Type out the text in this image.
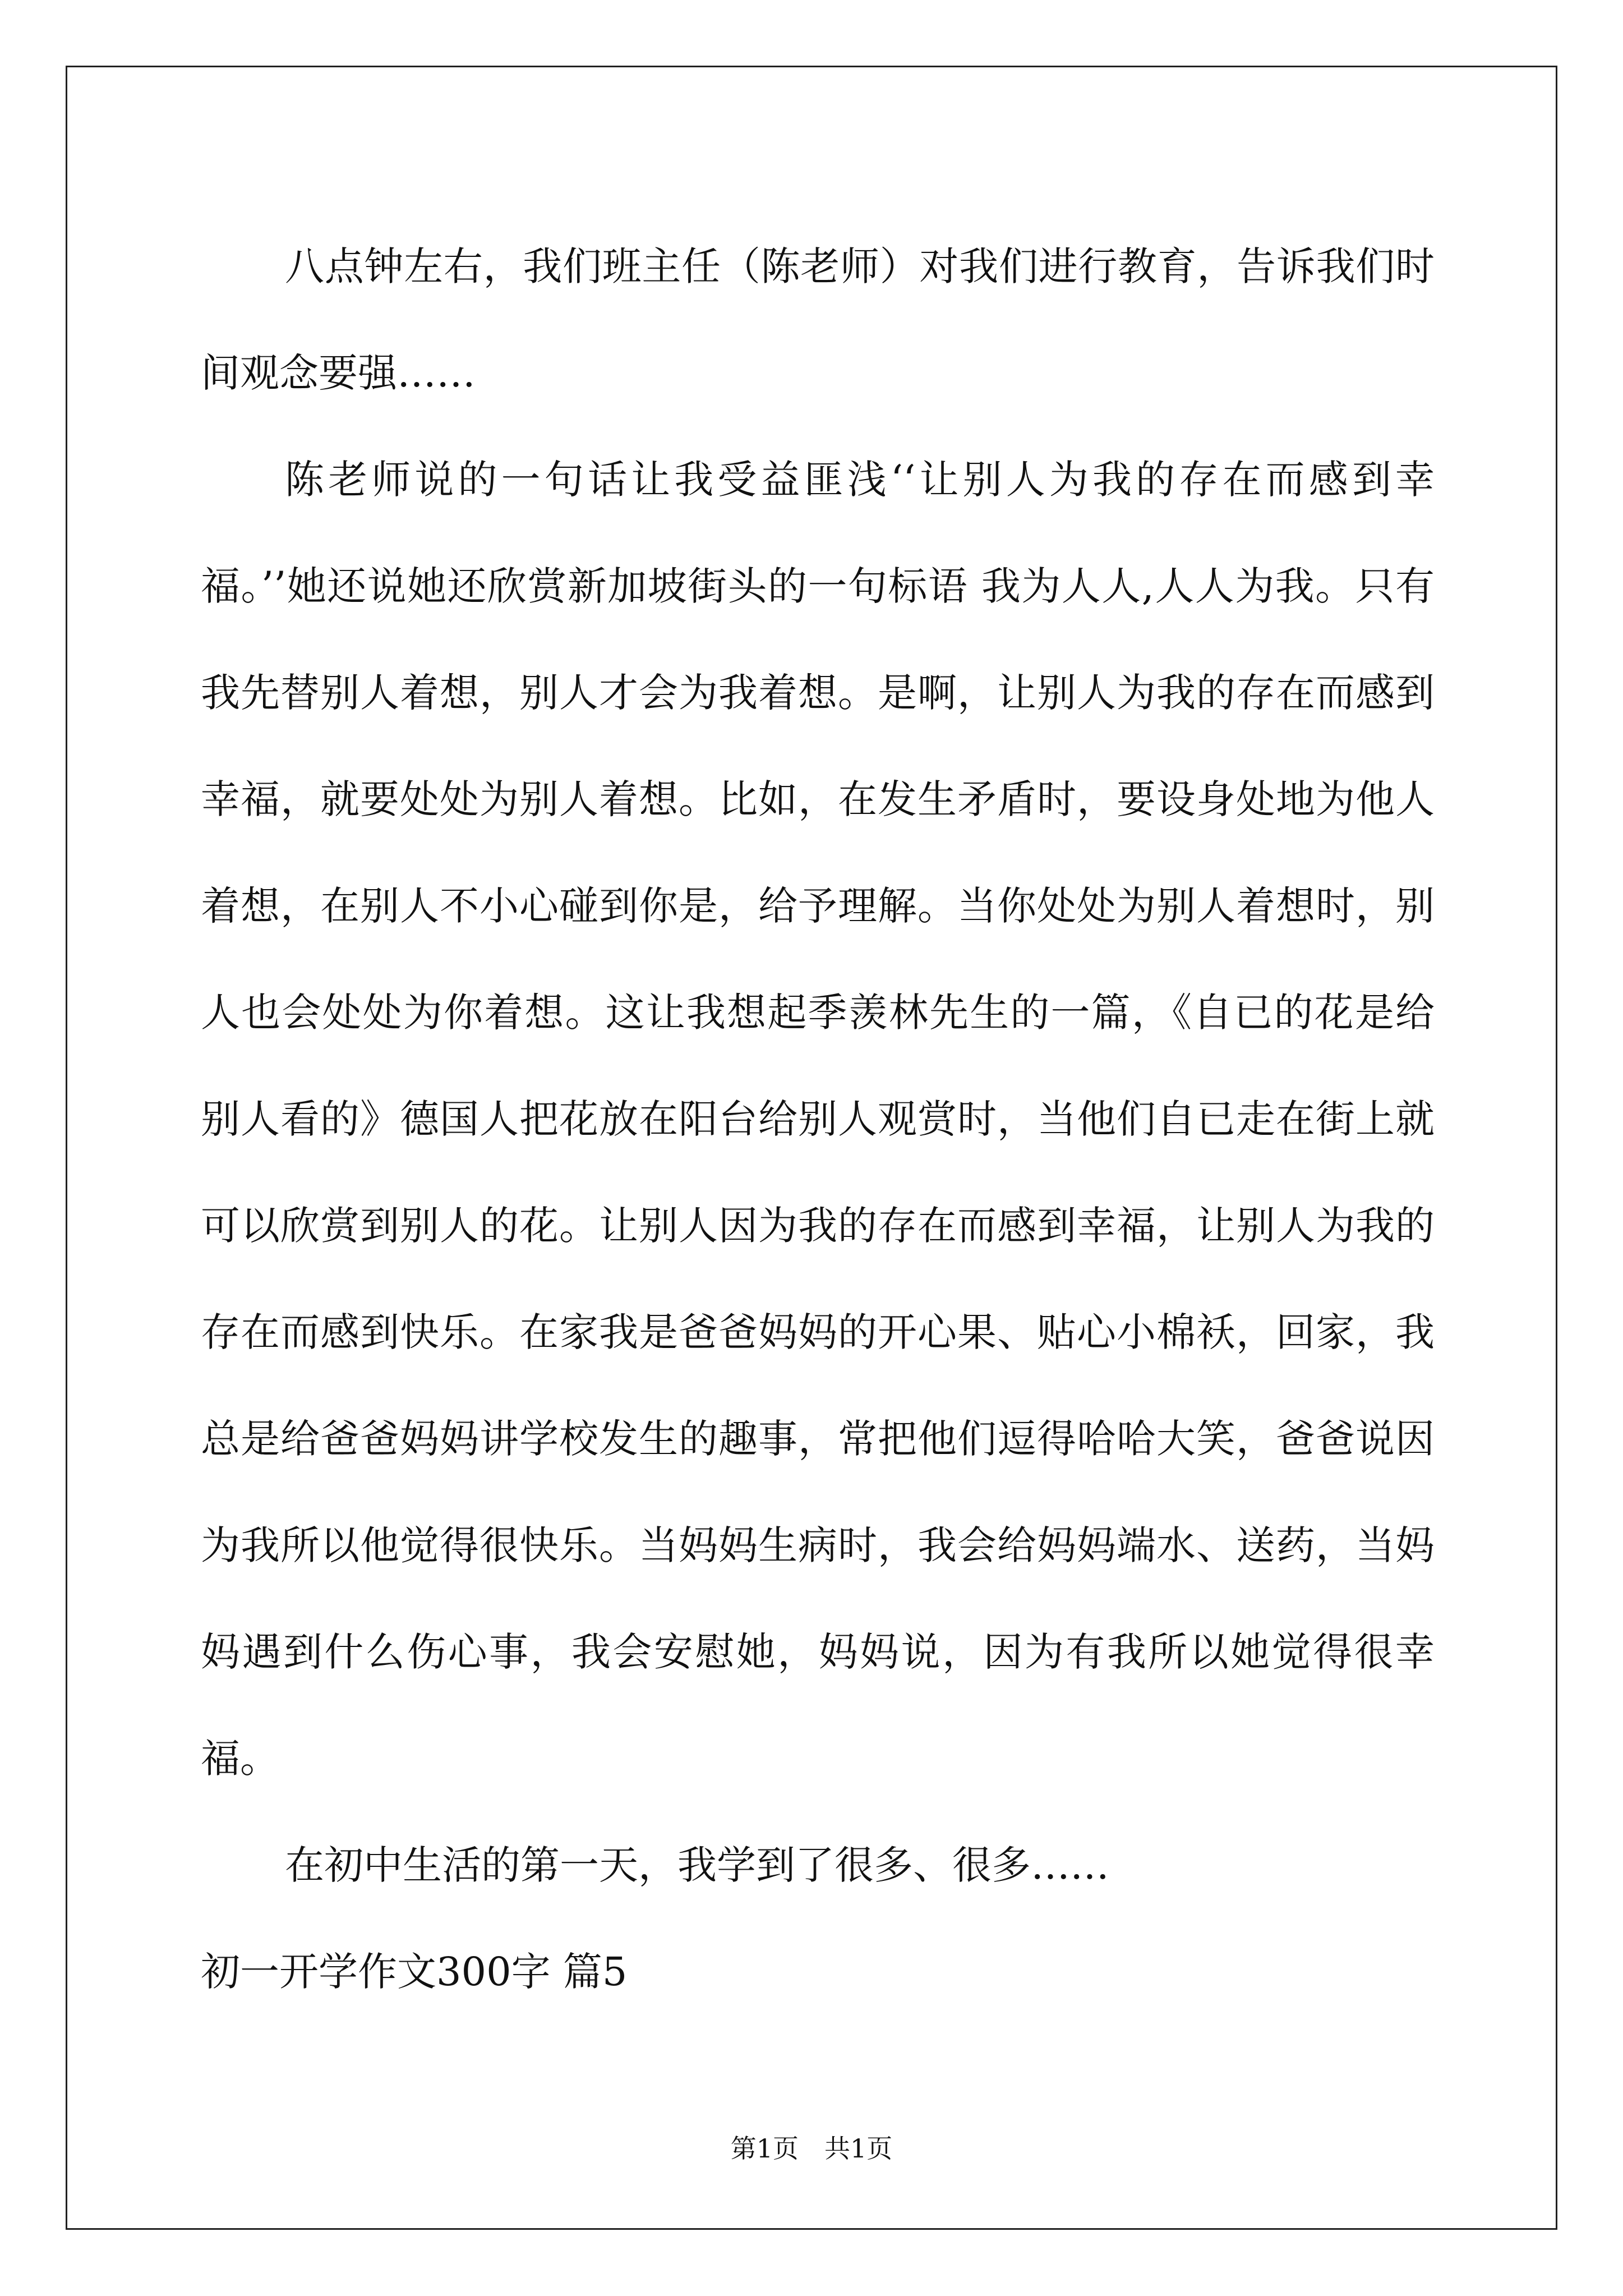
八点钟左右，我们班主任（陈老师）对我们进行教育，告诉我们时间观念要强……

陈老师说的一句话让我受益匪浅‘‘让别人为我的存在而感到幸福。’’她还说她还欣赏新加坡街头的一句标语 我为人人,人人为我。只有我先替别人着想，别人才会为我着想。是啊，让别人为我的存在而感到幸福，就要处处为别人着想。比如，在发生矛盾时，要设身处地为他人着想，在别人不小心碰到你是，给予理解。当你处处为别人着想时，别人也会处处为你着想。这让我想起季羡林先生的一篇，《自已的花是给别人看的》德国人把花放在阳台给别人观赏时，当他们自已走在街上就可以欣赏到别人的花。让别人因为我的存在而感到幸福，让别人为我的存在而感到快乐。在家我是爸爸妈妈的开心果、贴心小棉袄，回家，我总是给爸爸妈妈讲学校发生的趣事，常把他们逗得哈哈大笑，爸爸说因为我所以他觉得很快乐。当妈妈生病时，我会给妈妈端水、送药，当妈妈遇到什么伤心事，我会安慰她，妈妈说，因为有我所以她觉得很幸福。

在初中生活的第一天，我学到了很多、很多……

初一开学作文300字 篇5

第1页　共1页
